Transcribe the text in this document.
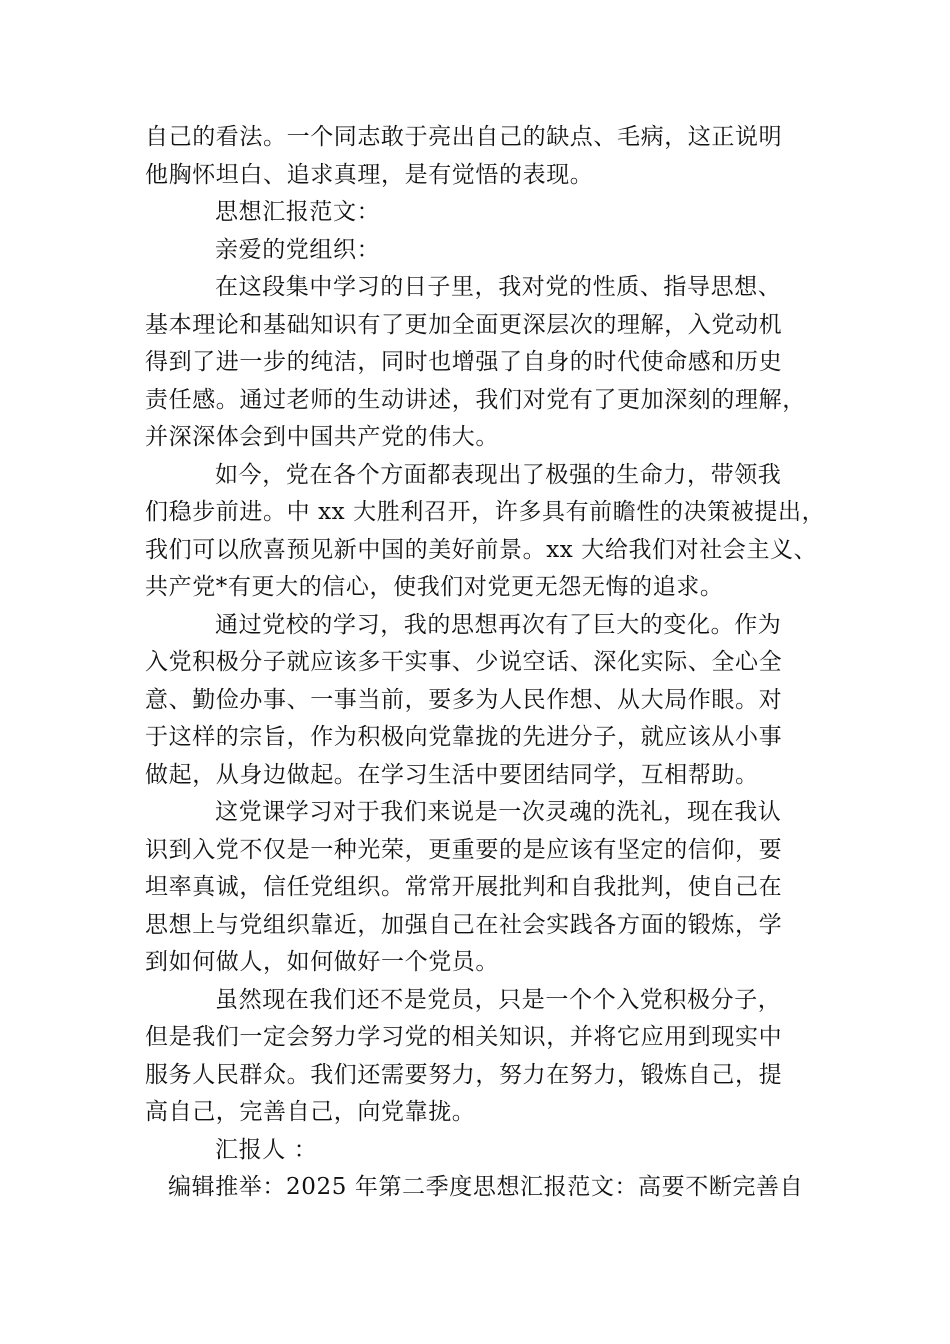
自己的看法。一个同志敢于亮出自己的缺点、毛病，这正说明
他胸怀坦白、追求真理，是有觉悟的表现。
思想汇报范文：
亲爱的党组织：
在这段集中学习的日子里，我对党的性质、指导思想、
基本理论和基础知识有了更加全面更深层次的理解，入党动机
得到了进一步的纯洁，同时也增强了自身的时代使命感和历史
责任感。通过老师的生动讲述，我们对党有了更加深刻的理解，
并深深体会到中国共产党的伟大。
如今，党在各个方面都表现出了极强的生命力，带领我
们稳步前进。中 xx 大胜利召开，许多具有前瞻性的决策被提出，
我们可以欣喜预见新中国的美好前景。xx 大给我们对社会主义、
共产党*有更大的信心，使我们对党更无怨无悔的追求。
通过党校的学习，我的思想再次有了巨大的变化。作为
入党积极分子就应该多干实事、少说空话、深化实际、全心全
意、勤俭办事、一事当前，要多为人民作想、从大局作眼。对
于这样的宗旨，作为积极向党靠拢的先进分子，就应该从小事
做起，从身边做起。在学习生活中要团结同学，互相帮助。
这党课学习对于我们来说是一次灵魂的洗礼，现在我认
识到入党不仅是一种光荣，更重要的是应该有坚定的信仰，要
坦率真诚，信任党组织。常常开展批判和自我批判，使自己在
思想上与党组织靠近，加强自己在社会实践各方面的锻炼，学
到如何做人，如何做好一个党员。
虽然现在我们还不是党员，只是一个个入党积极分子，
但是我们一定会努力学习党的相关知识，并将它应用到现实中
服务人民群众。我们还需要努力，努力在努力，锻炼自己，提
高自己，完善自己，向党靠拢。
汇报人 ：
编辑推举：2025 年第二季度思想汇报范文：高要不断完善自
